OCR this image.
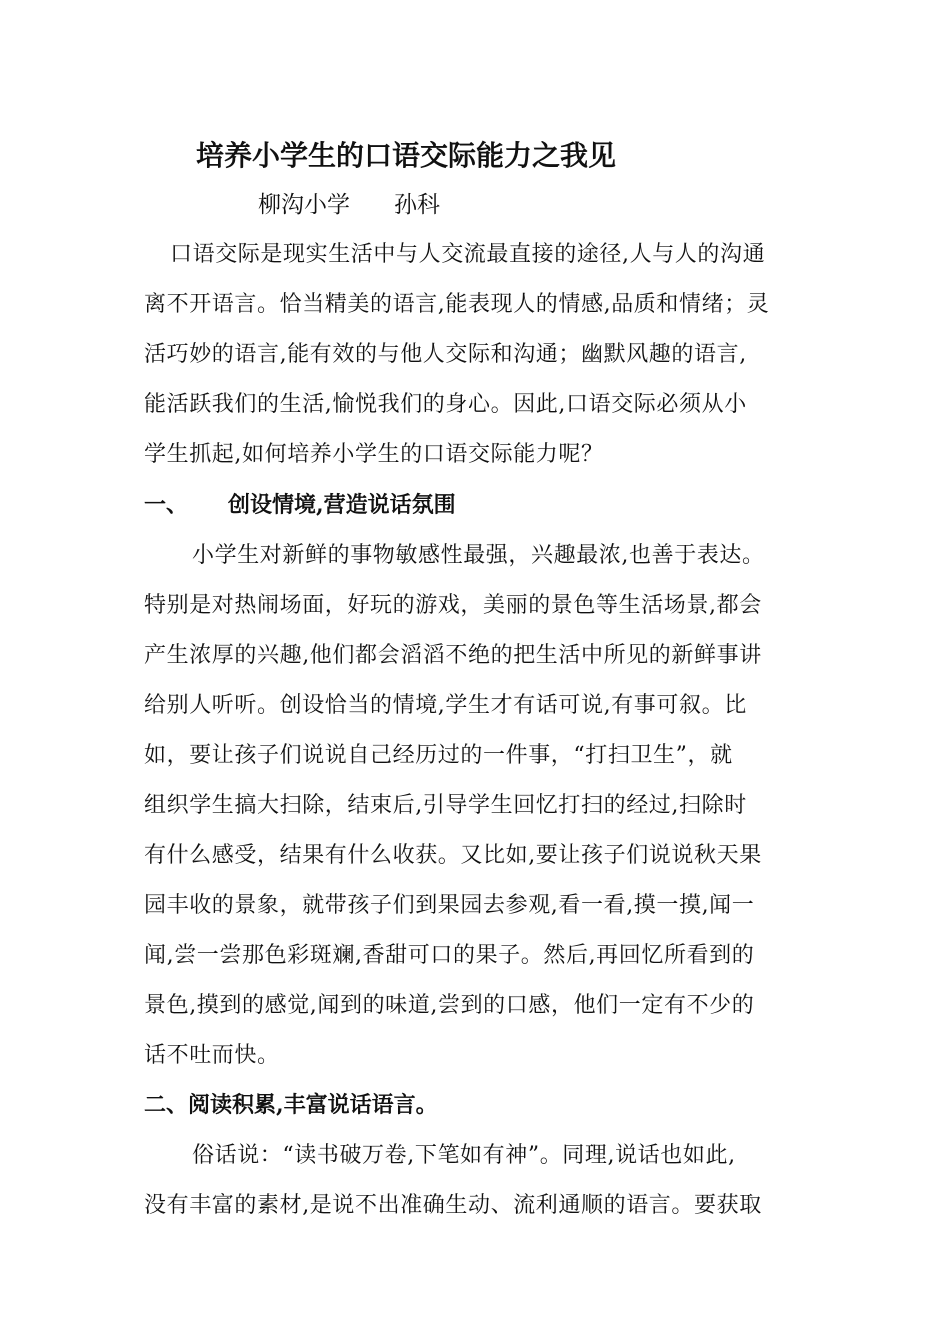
培养小学生的口语交际能力之我见
柳沟小学 孙科
口语交际是现实生活中与人交流最直接的途径,人与人的沟通
离不开语言。恰当精美的语言,能表现人的情感,品质和情绪；灵
活巧妙的语言,能有效的与他人交际和沟通；幽默风趣的语言,
能活跃我们的生活,愉悦我们的身心。因此,口语交际必须从小
学生抓起,如何培养小学生的口语交际能力呢？
一、 创设情境,营造说话氛围
小学生对新鲜的事物敏感性最强，兴趣最浓,也善于表达。
特别是对热闹场面，好玩的游戏，美丽的景色等生活场景,都会
产生浓厚的兴趣,他们都会滔滔不绝的把生活中所见的新鲜事讲
给别人听听。创设恰当的情境,学生才有话可说,有事可叙。比
如，要让孩子们说说自己经历过的一件事，“打扫卫生”，就
组织学生搞大扫除，结束后,引导学生回忆打扫的经过,扫除时
有什么感受，结果有什么收获。又比如,要让孩子们说说秋天果
园丰收的景象，就带孩子们到果园去参观,看一看,摸一摸,闻一
闻,尝一尝那色彩斑斓,香甜可口的果子。然后,再回忆所看到的
景色,摸到的感觉,闻到的味道,尝到的口感，他们一定有不少的
话不吐而快。
二、阅读积累,丰富说话语言。
俗话说：“读书破万卷,下笔如有神”。同理,说话也如此,
没有丰富的素材,是说不出准确生动、流利通顺的语言。要获取
